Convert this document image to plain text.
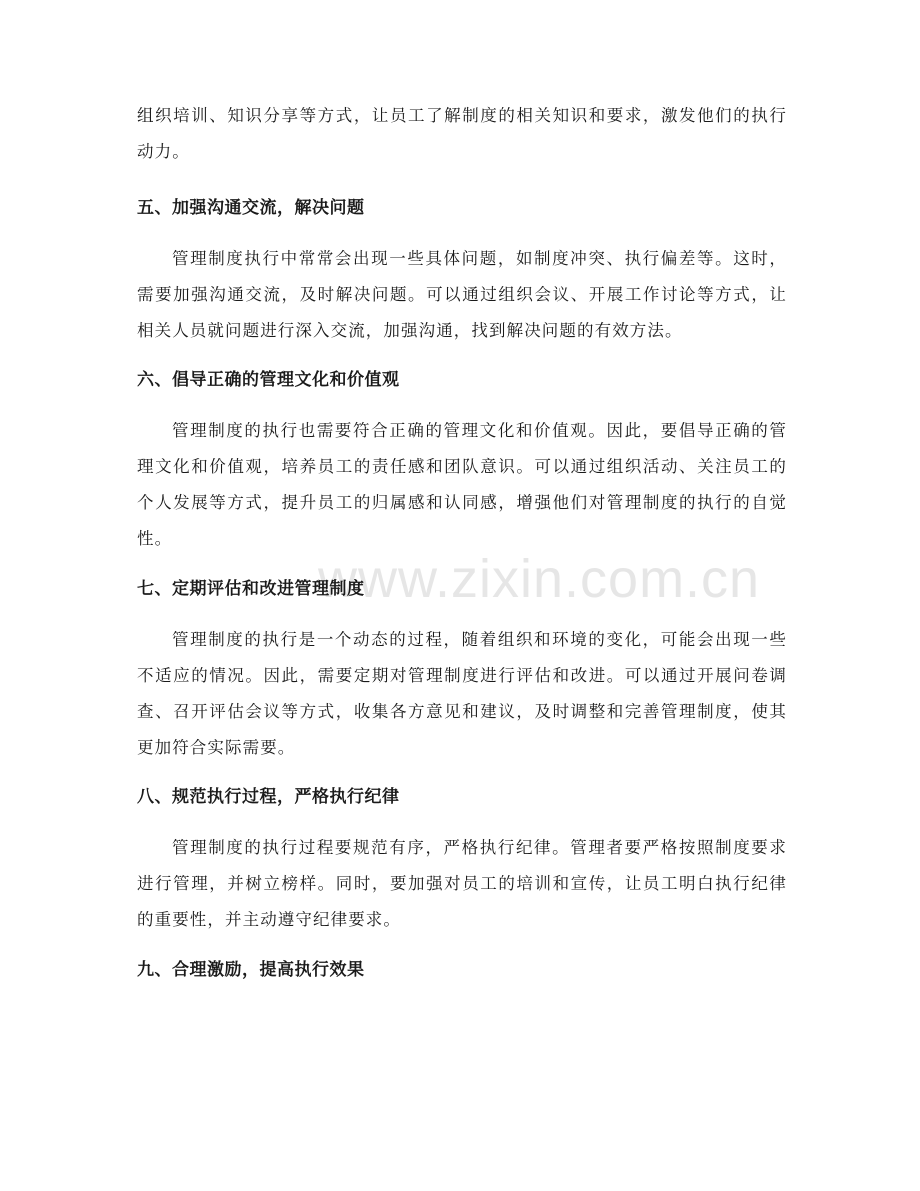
www.zixin.com.cn

组织培训、知识分享等方式，让员工了解制度的相关知识和要求，激发他们的执行动力。

五、加强沟通交流，解决问题

管理制度执行中常常会出现一些具体问题，如制度冲突、执行偏差等。这时，需要加强沟通交流，及时解决问题。可以通过组织会议、开展工作讨论等方式，让相关人员就问题进行深入交流，加强沟通，找到解决问题的有效方法。

六、倡导正确的管理文化和价值观

管理制度的执行也需要符合正确的管理文化和价值观。因此，要倡导正确的管理文化和价值观，培养员工的责任感和团队意识。可以通过组织活动、关注员工的个人发展等方式，提升员工的归属感和认同感，增强他们对管理制度的执行的自觉性。

七、定期评估和改进管理制度

管理制度的执行是一个动态的过程，随着组织和环境的变化，可能会出现一些不适应的情况。因此，需要定期对管理制度进行评估和改进。可以通过开展问卷调查、召开评估会议等方式，收集各方意见和建议，及时调整和完善管理制度，使其更加符合实际需要。

八、规范执行过程，严格执行纪律

管理制度的执行过程要规范有序，严格执行纪律。管理者要严格按照制度要求进行管理，并树立榜样。同时，要加强对员工的培训和宣传，让员工明白执行纪律的重要性，并主动遵守纪律要求。

九、合理激励，提高执行效果
